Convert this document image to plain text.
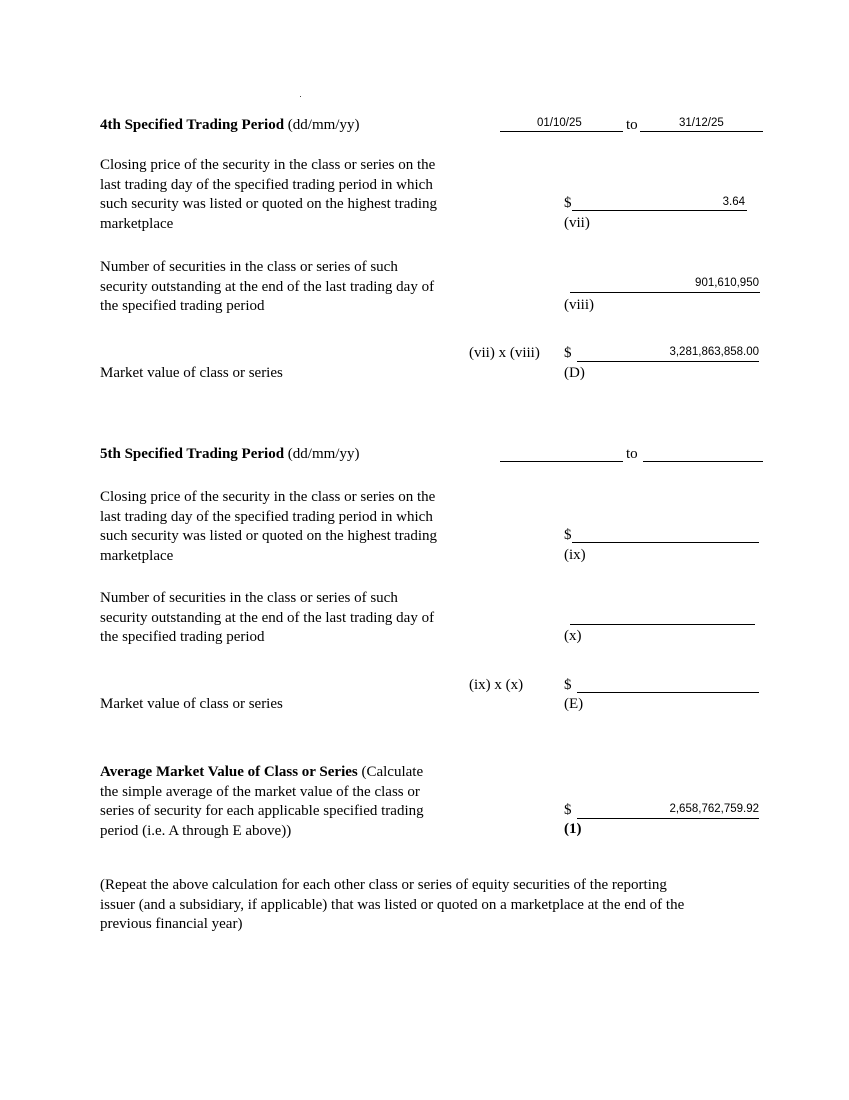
4th Specified Trading Period (dd/mm/yy)	01/10/25	to	31/12/25
Closing price of the security in the class or series on the
last trading day of the specified trading period in which
such security was listed or quoted on the highest trading
marketplace
$	3.64
(vii)
Number of securities in the class or series of such
security outstanding at the end of the last trading day of
the specified trading period
901,610,950
(viii)
(vii) x (viii) $	3,281,863,858.00
Market value of class or series	(D)
5th Specified Trading Period (dd/mm/yy)	to
Closing price of the security in the class or series on the
last trading day of the specified trading period in which
such security was listed or quoted on the highest trading
marketplace
$
(ix)
Number of securities in the class or series of such
security outstanding at the end of the last trading day of
the specified trading period	(x)
(ix) x (x)	$
Market value of class or series	(E)
Average Market Value of Class or Series (Calculate
the simple average of the market value of the class or
series of security for each applicable specified trading
period (i.e. A through E above))
$	2,658,762,759.92
(1)
(Repeat the above calculation for each other class or series of equity securities of the reporting
issuer (and a subsidiary, if applicable) that was listed or quoted on a marketplace at the end of the
previous financial year)
